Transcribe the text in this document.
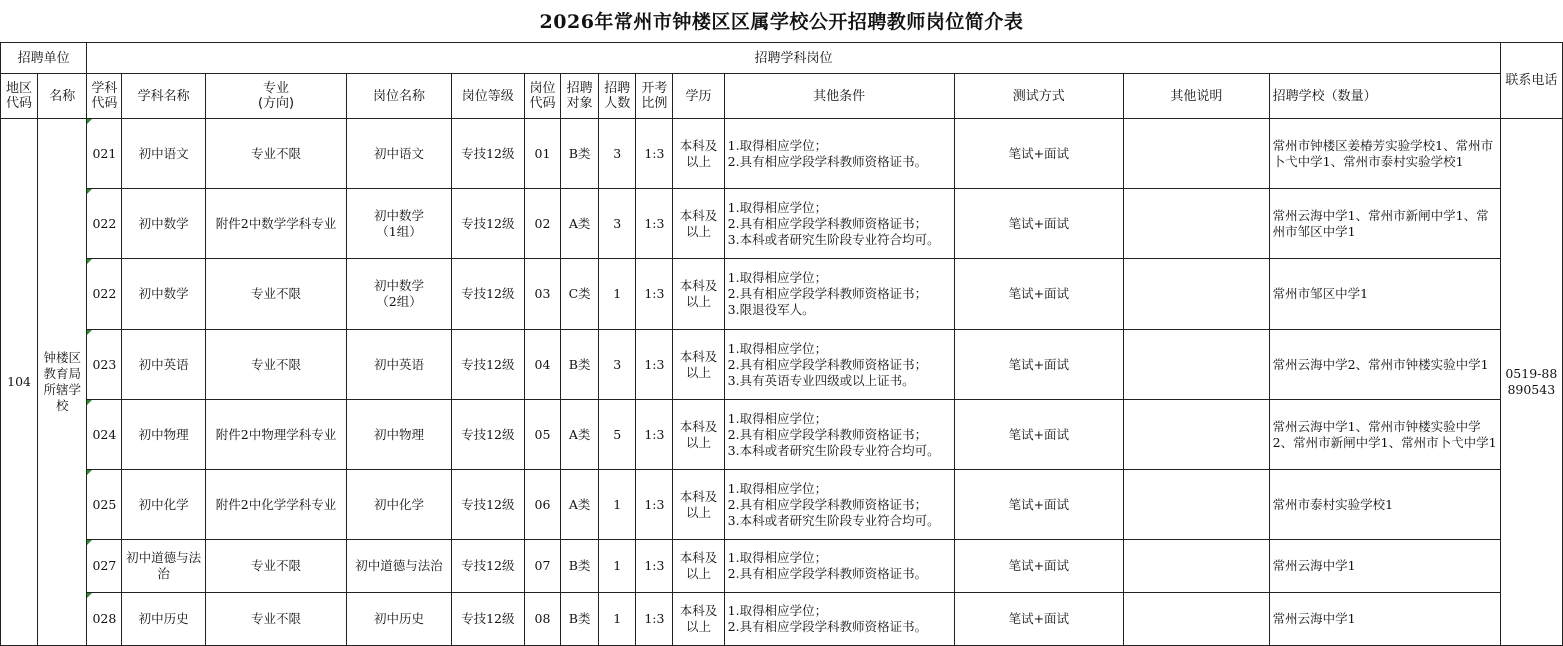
2026年常州市钟楼区区属学校公开招聘教师岗位简介表
招聘单位		招聘学科岗位														联系电话
地区代码	名称	学科代码	学科名称	专业
(方向)	岗位名称	岗位等级	岗位代码	招聘对象	招聘人数	开考比例	学历	其他条件	测试方式	其他说明	招聘学校（数量）	
104	钟楼区教育局所辖学校	021	初中语文	专业不限	初中语文	专技12级	01	B类	3	1:3	本科及以上	1.取得相应学位；
2.具有相应学段学科教师资格证书。	笔试+面试		常州市钟楼区姜椿芳实验学校1、常州市卜弋中学1、常州市泰村实验学校1	0519-88890543
		022	初中数学	附件2中数学学科专业	初中数学
（1组）	专技12级	02	A类	3	1:3	本科及以上	1.取得相应学位；
2.具有相应学段学科教师资格证书；
3.本科或者研究生阶段专业符合均可。	笔试+面试		常州云海中学1、常州市新闸中学1、常州市邹区中学1	
		022	初中数学	专业不限	初中数学
（2组）	专技12级	03	C类	1	1:3	本科及以上	1.取得相应学位；
2.具有相应学段学科教师资格证书；
3.限退役军人。	笔试+面试		常州市邹区中学1	
		023	初中英语	专业不限	初中英语	专技12级	04	B类	3	1:3	本科及以上	1.取得相应学位；
2.具有相应学段学科教师资格证书；
3.具有英语专业四级或以上证书。	笔试+面试		常州云海中学2、常州市钟楼实验中学1	
		024	初中物理	附件2中物理学科专业	初中物理	专技12级	05	A类	5	1:3	本科及以上	1.取得相应学位；
2.具有相应学段学科教师资格证书；
3.本科或者研究生阶段专业符合均可。	笔试+面试		常州云海中学1、常州市钟楼实验中学2、常州市新闸中学1、常州市卜弋中学1	
		025	初中化学	附件2中化学学科专业	初中化学	专技12级	06	A类	1	1:3	本科及以上	1.取得相应学位；
2.具有相应学段学科教师资格证书；
3.本科或者研究生阶段专业符合均可。	笔试+面试		常州市泰村实验学校1	
		027	初中道德与法治	专业不限	初中道德与法治	专技12级	07	B类	1	1:3	本科及以上	1.取得相应学位；
2.具有相应学段学科教师资格证书。	笔试+面试		常州云海中学1	
		028	初中历史	专业不限	初中历史	专技12级	08	B类	1	1:3	本科及以上	1.取得相应学位；
2.具有相应学段学科教师资格证书。	笔试+面试		常州云海中学1	
